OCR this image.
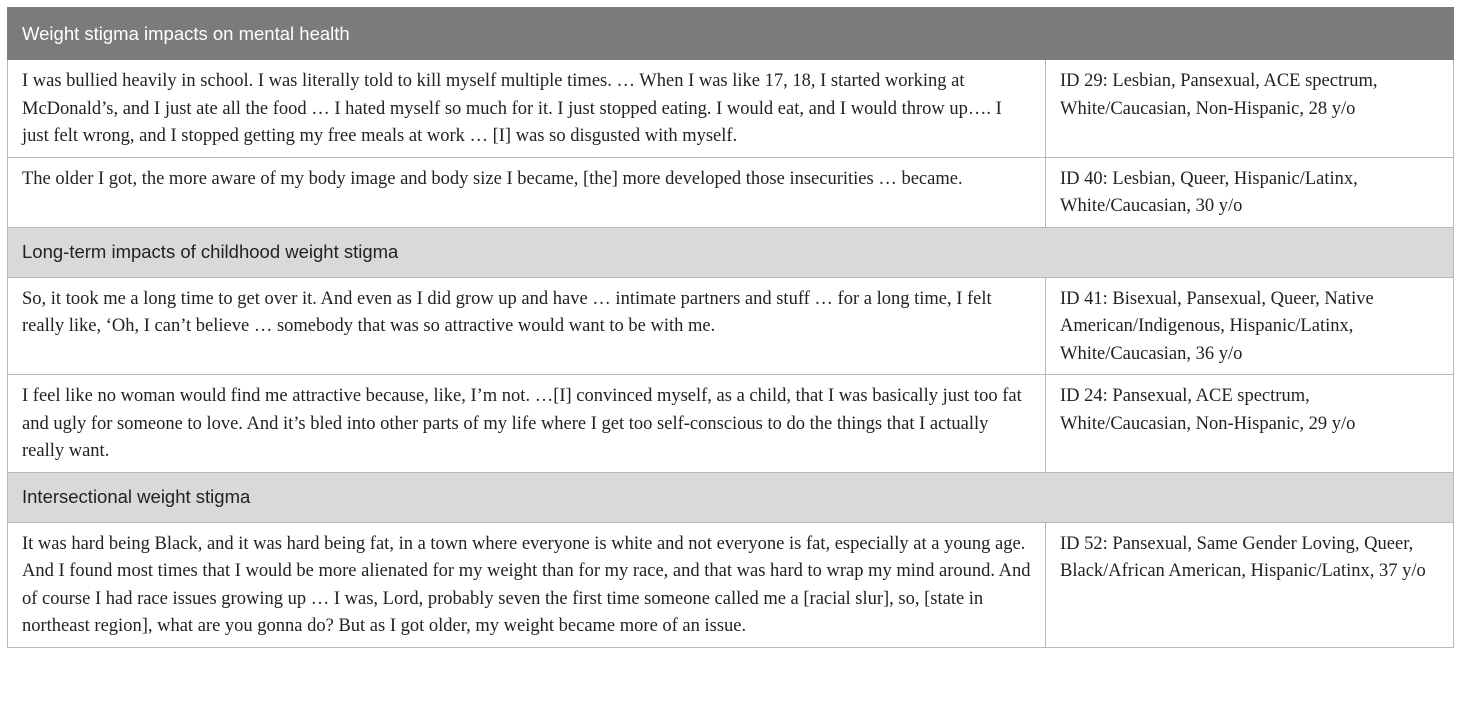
Weight stigma impacts on mental health	
I was bullied heavily in school. I was literally told to kill myself multiple times. … When I was like 17, 18, I started working at McDonald’s, and I just ate all the food … I hated myself so much for it. I just stopped eating. I would eat, and I would throw up…. I just felt wrong, and I stopped getting my free meals at work … [I] was so disgusted with myself.	ID 29: Lesbian, Pansexual, ACE spectrum, White/Caucasian, Non-Hispanic, 28 y/o
The older I got, the more aware of my body image and body size I became, [the] more developed those insecurities … became.	ID 40: Lesbian, Queer, Hispanic/Latinx, White/Caucasian, 30 y/o
Long-term impacts of childhood weight stigma	
So, it took me a long time to get over it. And even as I did grow up and have … intimate partners and stuff … for a long time, I felt really like, ‘Oh, I can’t believe … somebody that was so attractive would want to be with me.	ID 41: Bisexual, Pansexual, Queer, Native American/Indigenous, Hispanic/Latinx, White/Caucasian, 36 y/o
I feel like no woman would find me attractive because, like, I’m not. …[I] convinced myself, as a child, that I was basically just too fat and ugly for someone to love. And it’s bled into other parts of my life where I get too self-conscious to do the things that I actually really want.	ID 24: Pansexual, ACE spectrum, White/Caucasian, Non-Hispanic, 29 y/o
Intersectional weight stigma	
It was hard being Black, and it was hard being fat, in a town where everyone is white and not everyone is fat, especially at a young age. And I found most times that I would be more alienated for my weight than for my race, and that was hard to wrap my mind around. And of course I had race issues growing up … I was, Lord, probably seven the first time someone called me a [racial slur], so, [state in northeast region], what are you gonna do? But as I got older, my weight became more of an issue.	ID 52: Pansexual, Same Gender Loving, Queer, Black/African American, Hispanic/Latinx, 37 y/o
